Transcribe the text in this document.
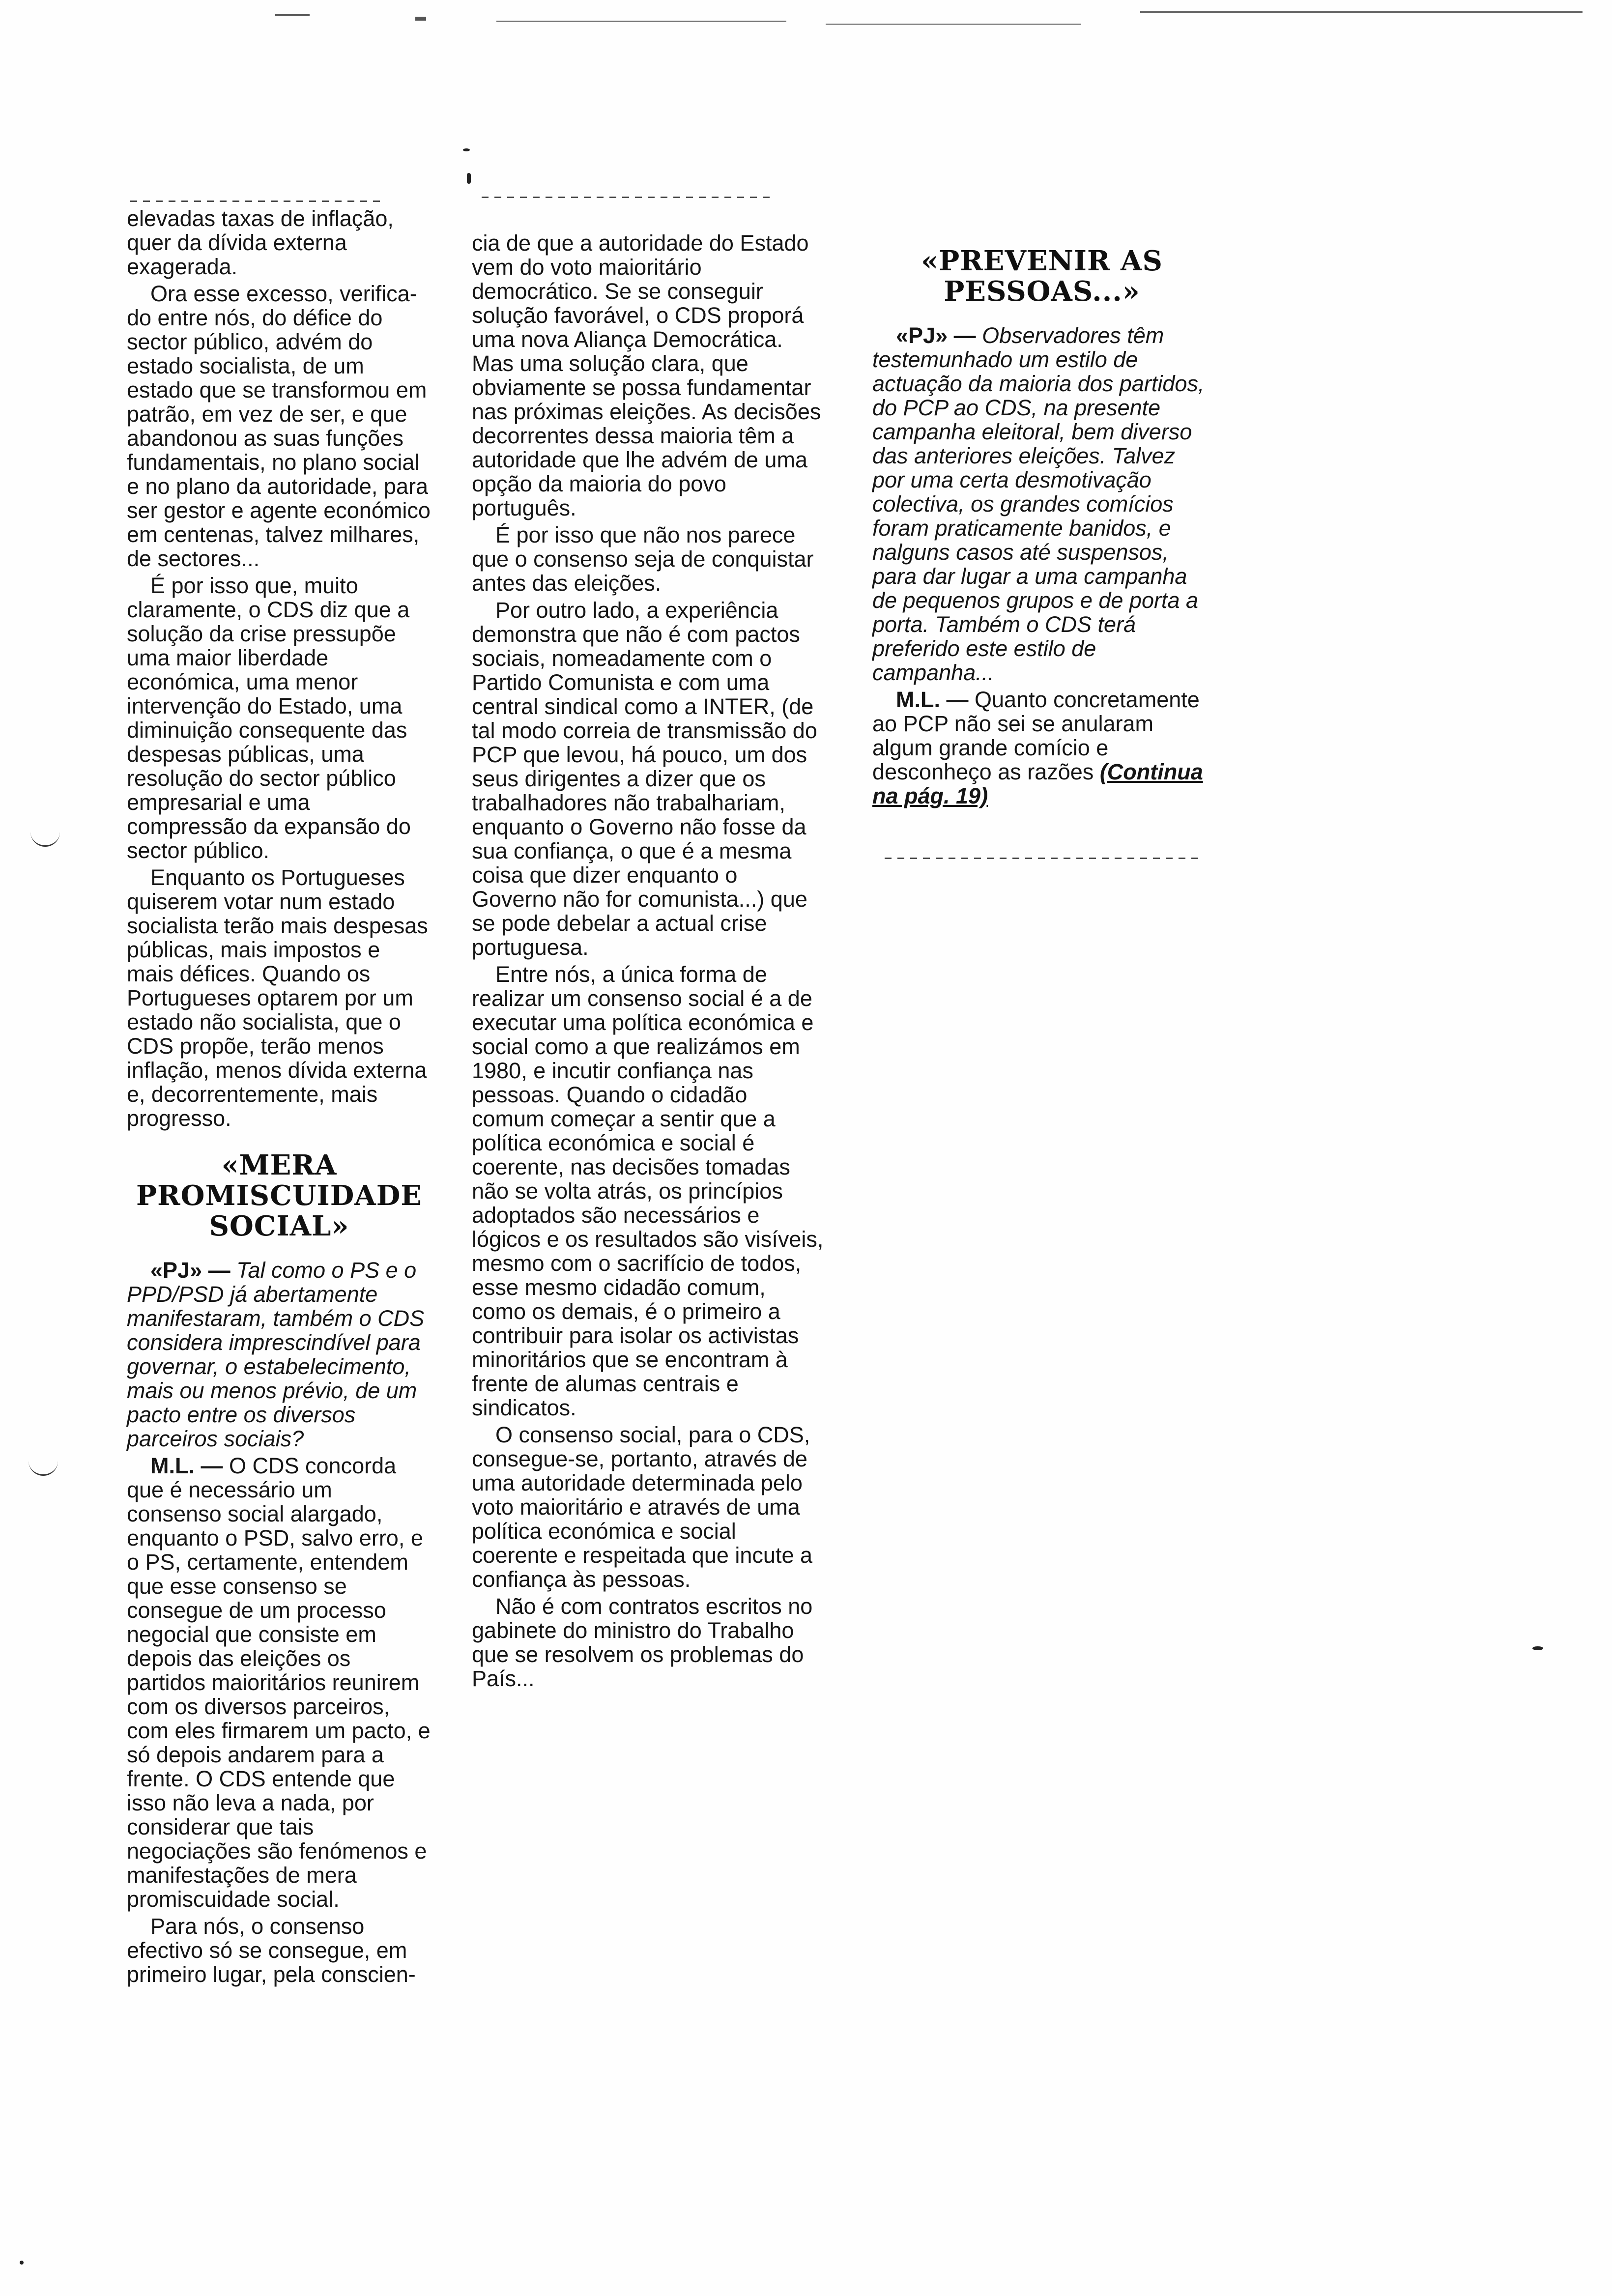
elevadas taxas de inflação, quer da dívida externa exagerada.

Ora esse excesso, verifica-do entre nós, do défice do sector público, advém do estado socialista, de um estado que se transformou em patrão, em vez de ser, e que abandonou as suas funções fundamentais, no plano social e no plano da autoridade, para ser gestor e agente económico em centenas, talvez milhares, de sectores...

É por isso que, muito claramente, o CDS diz que a solução da crise pressupõe uma maior liberdade económica, uma menor intervenção do Estado, uma diminuição consequente das despesas públicas, uma resolução do sector público empresarial e uma compressão da expansão do sector público.

Enquanto os Portugueses quiserem votar num estado socialista terão mais despesas públicas, mais impostos e mais défices. Quando os Portugueses optarem por um estado não socialista, que o CDS propõe, terão menos inflação, menos dívida externa e, decorrentemente, mais progresso.

«MERA PROMISCUIDADE SOCIAL»

«PJ» — Tal como o PS e o PPD/PSD já abertamente manifestaram, também o CDS considera imprescindível para governar, o estabelecimento, mais ou menos prévio, de um pacto entre os diversos parceiros sociais?

M.L. — O CDS concorda que é necessário um consenso social alargado, enquanto o PSD, salvo erro, e o PS, certamente, entendem que esse consenso se consegue de um processo negocial que consiste em depois das eleições os partidos maioritários reunirem com os diversos parceiros, com eles firmarem um pacto, e só depois andarem para a frente. O CDS entende que isso não leva a nada, por considerar que tais negociações são fenómenos e manifestações de mera promiscuidade social.

Para nós, o consenso efectivo só se consegue, em primeiro lugar, pela conscien-

cia de que a autoridade do Estado vem do voto maioritário democrático. Se se conseguir solução favorável, o CDS proporá uma nova Aliança Democrática. Mas uma solução clara, que obviamente se possa fundamentar nas próximas eleições. As decisões decorrentes dessa maioria têm a autoridade que lhe advém de uma opção da maioria do povo português.

É por isso que não nos parece que o consenso seja de conquistar antes das eleições.

Por outro lado, a experiência demonstra que não é com pactos sociais, nomeadamente com o Partido Comunista e com uma central sindical como a INTER, (de tal modo correia de transmissão do PCP que levou, há pouco, um dos seus dirigentes a dizer que os trabalhadores não trabalhariam, enquanto o Governo não fosse da sua confiança, o que é a mesma coisa que dizer enquanto o Governo não for comunista...) que se pode debelar a actual crise portuguesa.

Entre nós, a única forma de realizar um consenso social é a de executar uma política económica e social como a que realizámos em 1980, e incutir confiança nas pessoas. Quando o cidadão comum começar a sentir que a política económica e social é coerente, nas decisões tomadas não se volta atrás, os princípios adoptados são necessários e lógicos e os resultados são visíveis, mesmo com o sacrifício de todos, esse mesmo cidadão comum, como os demais, é o primeiro a contribuir para isolar os activistas minoritários que se encontram à frente de alumas centrais e sindicatos.

O consenso social, para o CDS, consegue-se, portanto, através de uma autoridade determinada pelo voto maioritário e através de uma política económica e social coerente e respeitada que incute a confiança às pessoas.

Não é com contratos escritos no gabinete do ministro do Trabalho que se resolvem os problemas do País...

«PREVENIR AS PESSOAS...»

«PJ» — Observadores têm testemunhado um estilo de actuação da maioria dos partidos, do PCP ao CDS, na presente campanha eleitoral, bem diverso das anteriores eleições. Talvez por uma certa desmotivação colectiva, os grandes comícios foram praticamente banidos, e nalguns casos até suspensos, para dar lugar a uma campanha de pequenos grupos e de porta a porta. Também o CDS terá preferido este estilo de campanha...

M.L. — Quanto concretamente ao PCP não sei se anularam algum grande comício e desconheço as razões (Continua na pág. 19)
